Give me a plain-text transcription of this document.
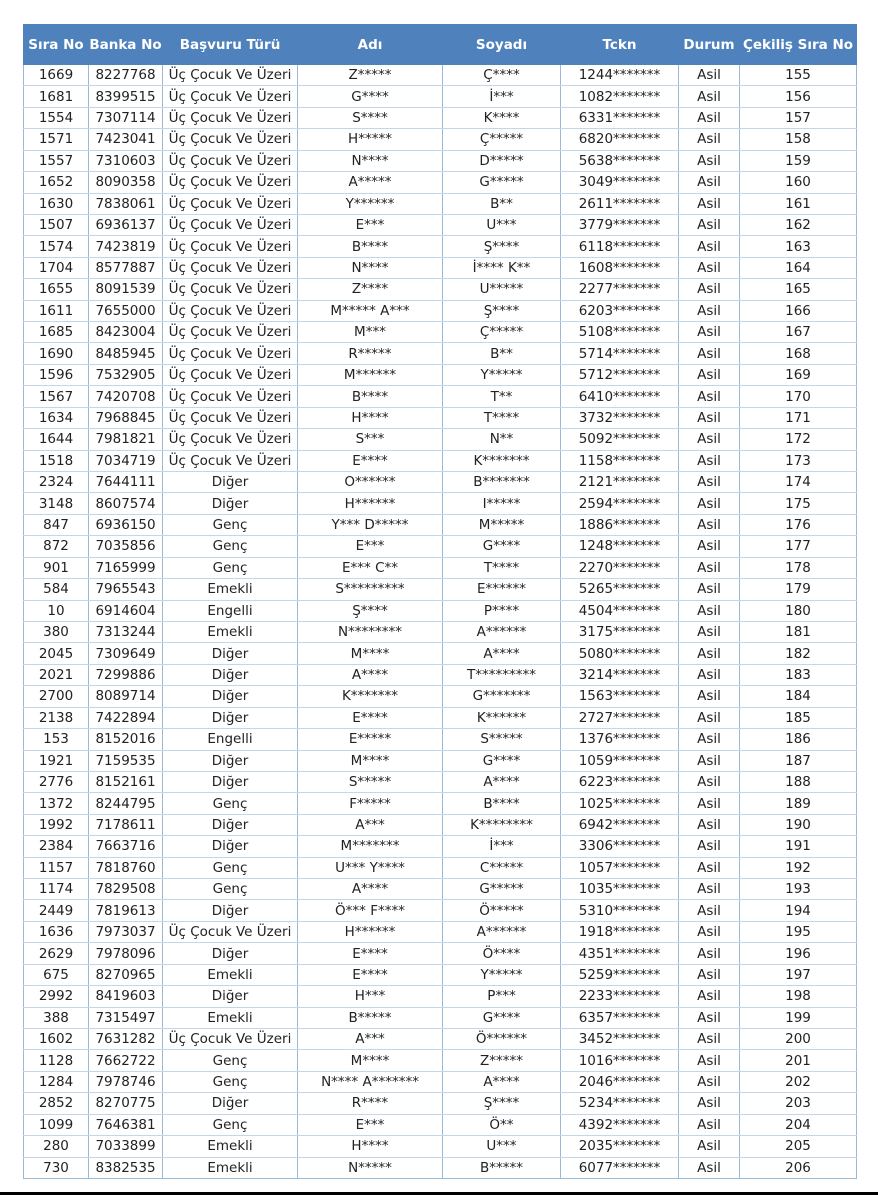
Sıra No	Banka No	Başvuru Türü	Adı	Soyadı	Tckn	Durum	Çekiliş Sıra No
1669	8227768	Üç Çocuk Ve Üzeri	Z*****	Ç****	1244*******	Asil	155
1681	8399515	Üç Çocuk Ve Üzeri	G****	İ***	1082*******	Asil	156
1554	7307114	Üç Çocuk Ve Üzeri	S****	K****	6331*******	Asil	157
1571	7423041	Üç Çocuk Ve Üzeri	H*****	Ç*****	6820*******	Asil	158
1557	7310603	Üç Çocuk Ve Üzeri	N****	D*****	5638*******	Asil	159
1652	8090358	Üç Çocuk Ve Üzeri	A*****	G*****	3049*******	Asil	160
1630	7838061	Üç Çocuk Ve Üzeri	Y******	B**	2611*******	Asil	161
1507	6936137	Üç Çocuk Ve Üzeri	E***	U***	3779*******	Asil	162
1574	7423819	Üç Çocuk Ve Üzeri	B****	Ş****	6118*******	Asil	163
1704	8577887	Üç Çocuk Ve Üzeri	N****	İ**** K**	1608*******	Asil	164
1655	8091539	Üç Çocuk Ve Üzeri	Z****	U*****	2277*******	Asil	165
1611	7655000	Üç Çocuk Ve Üzeri	M***** A***	Ş****	6203*******	Asil	166
1685	8423004	Üç Çocuk Ve Üzeri	M***	Ç*****	5108*******	Asil	167
1690	8485945	Üç Çocuk Ve Üzeri	R*****	B**	5714*******	Asil	168
1596	7532905	Üç Çocuk Ve Üzeri	M******	Y*****	5712*******	Asil	169
1567	7420708	Üç Çocuk Ve Üzeri	B****	T**	6410*******	Asil	170
1634	7968845	Üç Çocuk Ve Üzeri	H****	T****	3732*******	Asil	171
1644	7981821	Üç Çocuk Ve Üzeri	S***	N**	5092*******	Asil	172
1518	7034719	Üç Çocuk Ve Üzeri	E****	K*******	1158*******	Asil	173
2324	7644111	Diğer	O******	B*******	2121*******	Asil	174
3148	8607574	Diğer	H******	I*****	2594*******	Asil	175
847	6936150	Genç	Y*** D*****	M*****	1886*******	Asil	176
872	7035856	Genç	E***	G****	1248*******	Asil	177
901	7165999	Genç	E*** C**	T****	2270*******	Asil	178
584	7965543	Emekli	S*********	E******	5265*******	Asil	179
10	6914604	Engelli	Ş****	P****	4504*******	Asil	180
380	7313244	Emekli	N********	A******	3175*******	Asil	181
2045	7309649	Diğer	M****	A****	5080*******	Asil	182
2021	7299886	Diğer	A****	T*********	3214*******	Asil	183
2700	8089714	Diğer	K*******	G*******	1563*******	Asil	184
2138	7422894	Diğer	E****	K******	2727*******	Asil	185
153	8152016	Engelli	E*****	S*****	1376*******	Asil	186
1921	7159535	Diğer	M****	G****	1059*******	Asil	187
2776	8152161	Diğer	S*****	A****	6223*******	Asil	188
1372	8244795	Genç	F*****	B****	1025*******	Asil	189
1992	7178611	Diğer	A***	K********	6942*******	Asil	190
2384	7663716	Diğer	M*******	İ***	3306*******	Asil	191
1157	7818760	Genç	U*** Y****	C*****	1057*******	Asil	192
1174	7829508	Genç	A****	G*****	1035*******	Asil	193
2449	7819613	Diğer	Ö*** F****	Ö*****	5310*******	Asil	194
1636	7973037	Üç Çocuk Ve Üzeri	H******	A******	1918*******	Asil	195
2629	7978096	Diğer	E****	Ö****	4351*******	Asil	196
675	8270965	Emekli	E****	Y*****	5259*******	Asil	197
2992	8419603	Diğer	H***	P***	2233*******	Asil	198
388	7315497	Emekli	B*****	G****	6357*******	Asil	199
1602	7631282	Üç Çocuk Ve Üzeri	A***	Ö******	3452*******	Asil	200
1128	7662722	Genç	M****	Z*****	1016*******	Asil	201
1284	7978746	Genç	N**** A*******	A****	2046*******	Asil	202
2852	8270775	Diğer	R****	Ş****	5234*******	Asil	203
1099	7646381	Genç	E***	Ö**	4392*******	Asil	204
280	7033899	Emekli	H****	U***	2035*******	Asil	205
730	8382535	Emekli	N*****	B*****	6077*******	Asil	206
